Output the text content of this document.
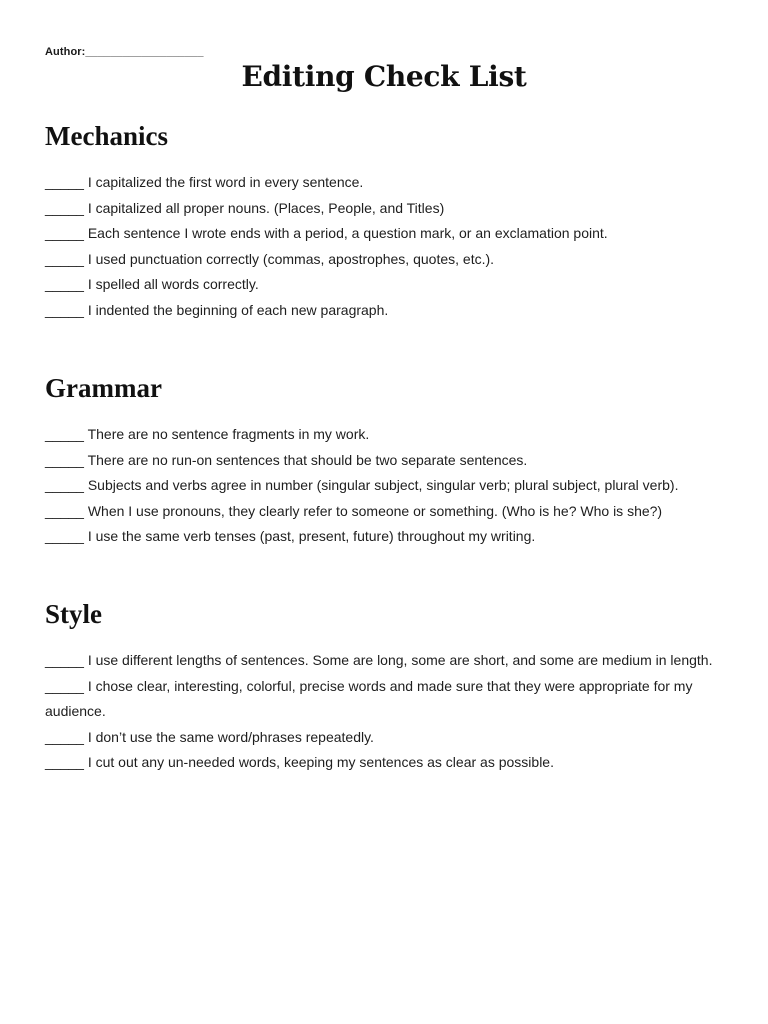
Author:___________________
Editing Check List
Mechanics
_____ I capitalized the first word in every sentence.
_____ I capitalized all proper nouns. (Places, People, and Titles)
_____ Each sentence I wrote ends with a period, a question mark, or an exclamation point.
_____ I used punctuation correctly (commas, apostrophes, quotes, etc.).
_____ I spelled all words correctly.
_____ I indented the beginning of each new paragraph.
Grammar
_____ There are no sentence fragments in my work.
_____ There are no run-on sentences that should be two separate sentences.
_____ Subjects and verbs agree in number (singular subject, singular verb; plural subject, plural verb).
_____ When I use pronouns, they clearly refer to someone or something. (Who is he? Who is she?)
_____ I use the same verb tenses (past, present, future) throughout my writing.
Style
_____ I use different lengths of sentences. Some are long, some are short, and some are medium in length.
_____ I chose clear, interesting, colorful, precise words and made sure that they were appropriate for my audience.
_____ I don’t use the same word/phrases repeatedly.
_____ I cut out any un-needed words, keeping my sentences as clear as possible.
